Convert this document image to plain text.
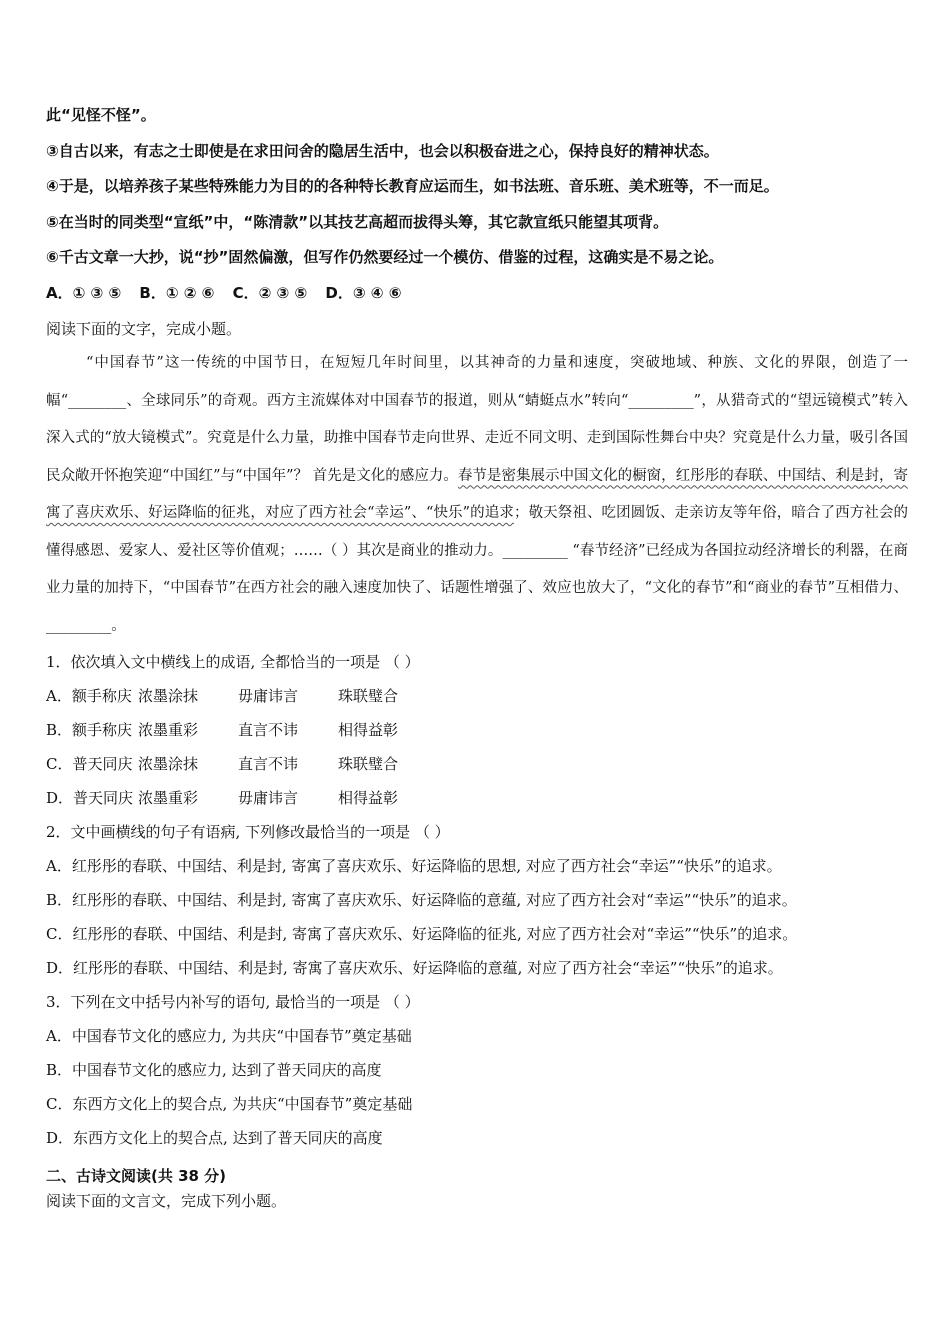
此“见怪不怪”。
③自古以来，有志之士即使是在求田问舍的隐居生活中，也会以积极奋进之心，保持良好的精神状态。
④于是，以培养孩子某些特殊能力为目的的各种特长教育应运而生，如书法班、音乐班、美术班等，不一而足。
⑤在当时的同类型“宣纸”中，“陈清款”以其技艺高超而拔得头筹，其它款宣纸只能望其项背。
⑥千古文章一大抄，说“抄”固然偏激，但写作仍然要经过一个模仿、借鉴的过程，这确实是不易之论。
A．① ③ ⑤ B．① ② ⑥ C．② ③ ⑤ D．③ ④ ⑥
阅读下面的文字，完成小题。
“中国春节”这一传统的中国节日，在短短几年时间里，以其神奇的力量和速度，突破地域、种族、文化的界限，创造了一幅“________、全球同乐”的奇观。西方主流媒体对中国春节的报道，则从“蜻蜓点水”转向“_________”，从猎奇式的“望远镜模式”转入深入式的“放大镜模式”。究竟是什么力量，助推中国春节走向世界、走近不同文明、走到国际性舞台中央？究竟是什么力量，吸引各国民众敞开怀抱笑迎“中国红”与“中国年”？ 首先是文化的感应力。春节是密集展示中国文化的橱窗，红彤彤的春联、中国结、利是封，寄寓了喜庆欢乐、好运降临的征兆，对应了西方社会“幸运”、“快乐”的追求；敬天祭祖、吃团圆饭、走亲访友等年俗，暗合了西方社会的懂得感恩、爱家人、爱社区等价值观；……（ ）其次是商业的推动力。_________ “春节经济”已经成为各国拉动经济增长的利器，在商业力量的加持下，“中国春节”在西方社会的融入速度加快了、话题性增强了、效应也放大了，“文化的春节”和“商业的春节”互相借力、_________。
1．依次填入文中横线上的成语, 全都恰当的一项是 （ ）
A．额手称庆 浓墨涂抹	毋庸讳言	珠联璧合
B．额手称庆 浓墨重彩	直言不讳	相得益彰
C．普天同庆 浓墨涂抹	直言不讳	珠联璧合
D．普天同庆 浓墨重彩	毋庸讳言	相得益彰
2．文中画横线的句子有语病, 下列修改最恰当的一项是 （ ）
A．红彤彤的春联、中国结、利是封, 寄寓了喜庆欢乐、好运降临的思想, 对应了西方社会“幸运”“快乐”的追求。
B．红彤彤的春联、中国结、利是封, 寄寓了喜庆欢乐、好运降临的意蕴, 对应了西方社会对“幸运”“快乐”的追求。
C．红彤彤的春联、中国结、利是封, 寄寓了喜庆欢乐、好运降临的征兆, 对应了西方社会对“幸运”“快乐”的追求。
D．红彤彤的春联、中国结、利是封, 寄寓了喜庆欢乐、好运降临的意蕴, 对应了西方社会“幸运”“快乐”的追求。
3．下列在文中括号内补写的语句, 最恰当的一项是 （ ）
A．中国春节文化的感应力, 为共庆“中国春节”奠定基础
B．中国春节文化的感应力, 达到了普天同庆的高度
C．东西方文化上的契合点, 为共庆“中国春节”奠定基础
D．东西方文化上的契合点, 达到了普天同庆的高度
二、古诗文阅读(共 38 分)
阅读下面的文言文，完成下列小题。
